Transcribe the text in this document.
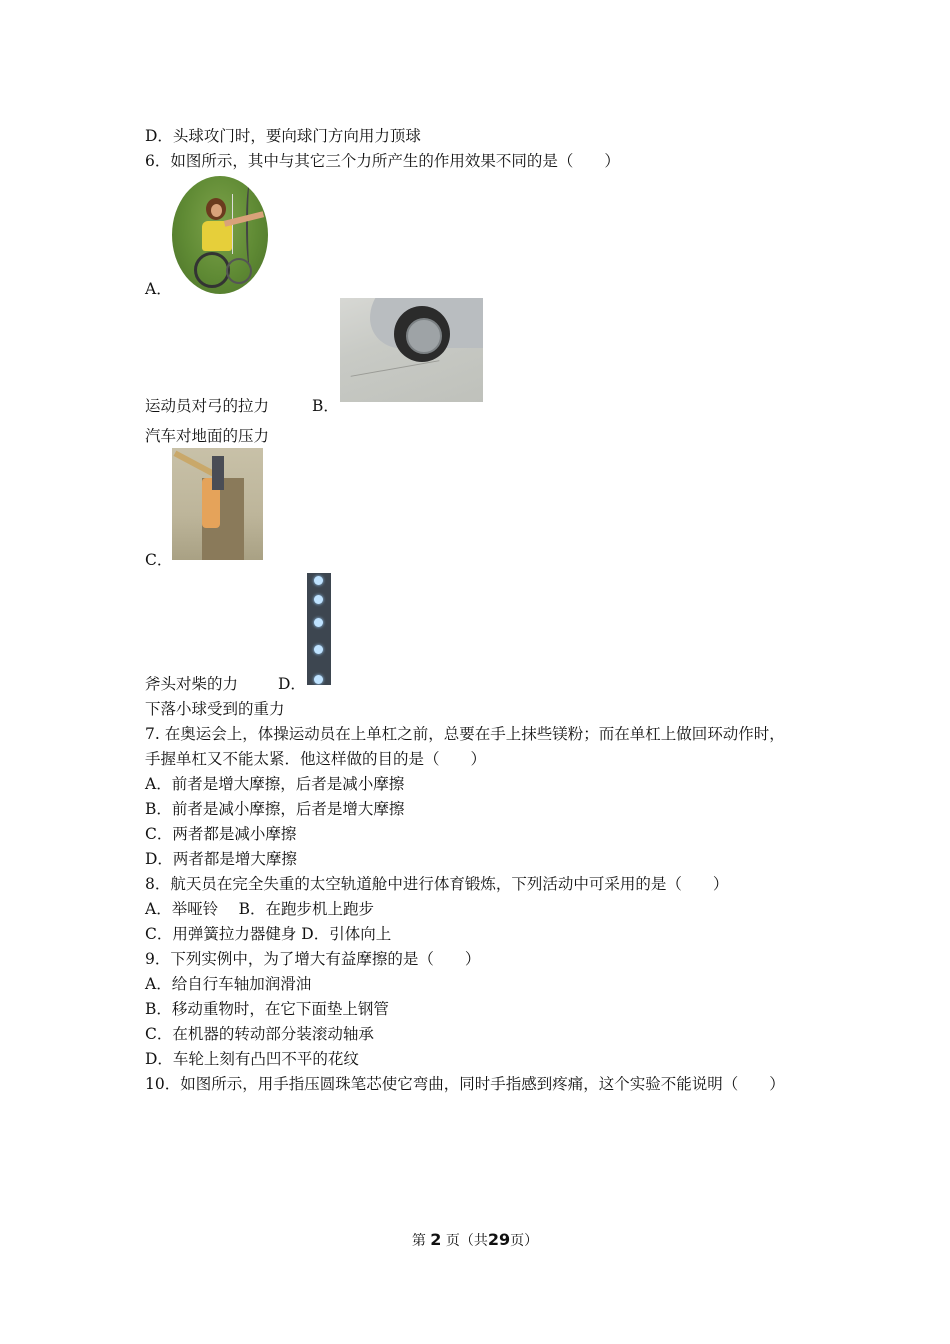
D．头球攻门时，要向球门方向用力顶球
6．如图所示，其中与其它三个力所产生的作用效果不同的是（　　）
A．
运动员对弓的拉力	B．
汽车对地面的压力
C．
斧头对柴的力	D．
下落小球受到的重力
7. 在奥运会上，体操运动员在上单杠之前，总要在手上抹些镁粉；而在单杠上做回环动作时，
手握单杠又不能太紧．他这样做的目的是（　　）
A．前者是增大摩擦，后者是减小摩擦
B．前者是减小摩擦，后者是增大摩擦
C．两者都是减小摩擦
D．两者都是增大摩擦
8．航天员在完全失重的太空轨道舱中进行体育锻炼，下列活动中可采用的是（　　）
A．举哑铃　 B．在跑步机上跑步
C．用弹簧拉力器健身 D．引体向上
9．下列实例中，为了增大有益摩擦的是（　　）
A．给自行车轴加润滑油
B．移动重物时，在它下面垫上钢管
C．在机器的转动部分装滚动轴承
D．车轮上刻有凸凹不平的花纹
10．如图所示，用手指压圆珠笔芯使它弯曲，同时手指感到疼痛，这个实验不能说明（　　）
第 2 页（共29页）
